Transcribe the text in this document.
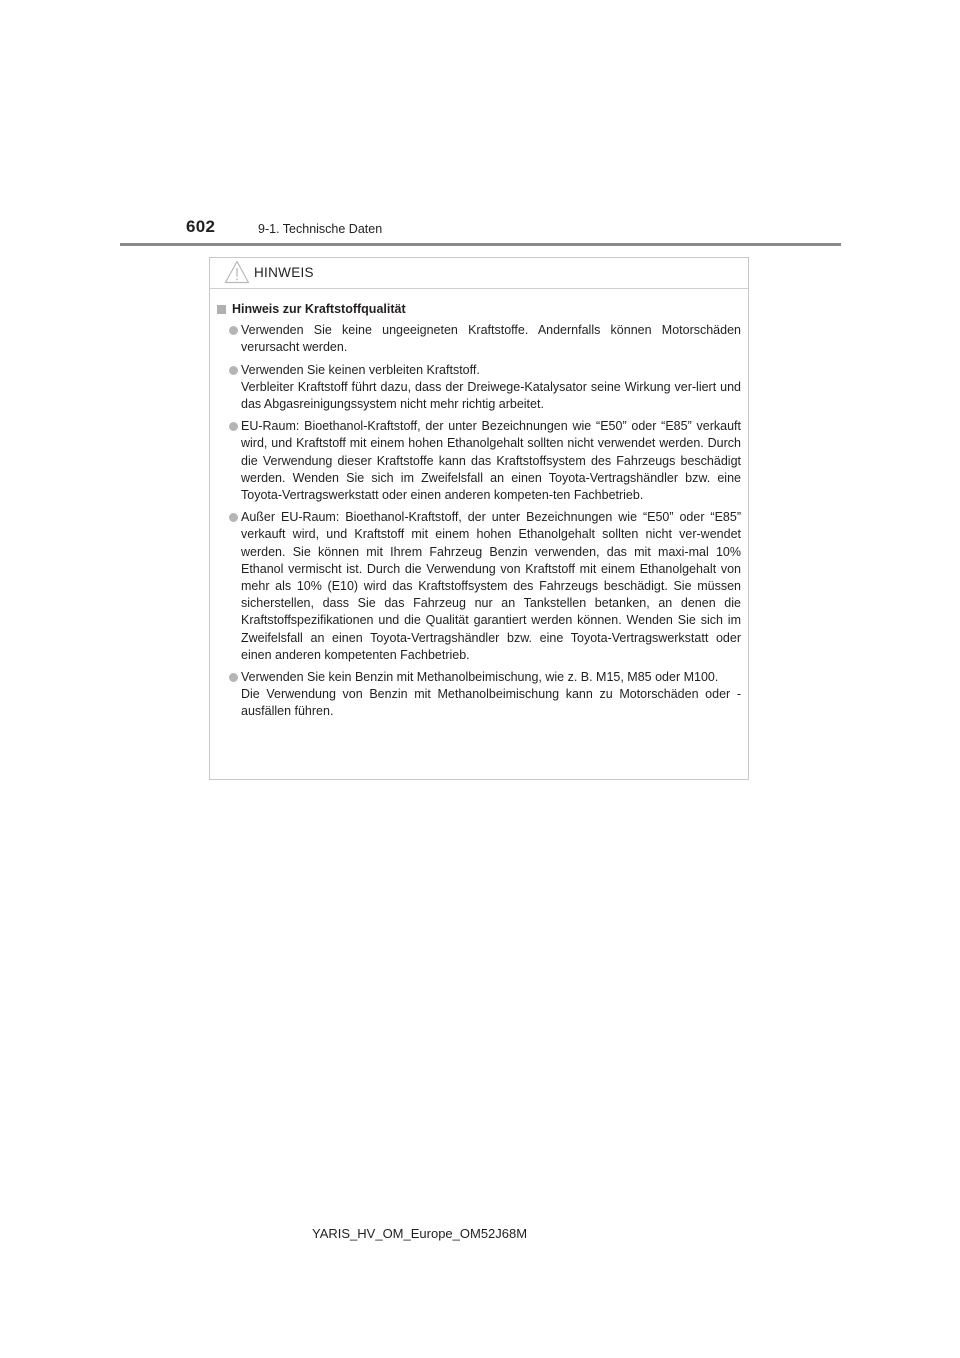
602	9-1. Technische Daten
HINWEIS
Hinweis zur Kraftstoffqualität

Verwenden Sie keine ungeeigneten Kraftstoffe. Andernfalls können Motorschäden verursacht werden.

Verwenden Sie keinen verbleiten Kraftstoff.

Verbleiter Kraftstoff führt dazu, dass der Dreiwege-Katalysator seine Wirkung ver-liert und das Abgasreinigungssystem nicht mehr richtig arbeitet.

EU-Raum: Bioethanol-Kraftstoff, der unter Bezeichnungen wie “E50” oder “E85” verkauft wird, und Kraftstoff mit einem hohen Ethanolgehalt sollten nicht verwendet werden. Durch die Verwendung dieser Kraftstoffe kann das Kraftstoffsystem des Fahrzeugs beschädigt werden. Wenden Sie sich im Zweifelsfall an einen Toyota-Vertragshändler bzw. eine Toyota-Vertragswerkstatt oder einen anderen kompeten-ten Fachbetrieb.

Außer EU-Raum: Bioethanol-Kraftstoff, der unter Bezeichnungen wie “E50” oder “E85” verkauft wird, und Kraftstoff mit einem hohen Ethanolgehalt sollten nicht ver-wendet werden. Sie können mit Ihrem Fahrzeug Benzin verwenden, das mit maxi-mal 10% Ethanol vermischt ist. Durch die Verwendung von Kraftstoff mit einem Ethanolgehalt von mehr als 10% (E10) wird das Kraftstoffsystem des Fahrzeugs beschädigt. Sie müssen sicherstellen, dass Sie das Fahrzeug nur an Tankstellen betanken, an denen die Kraftstoffspezifikationen und die Qualität garantiert werden können. Wenden Sie sich im Zweifelsfall an einen Toyota-Vertragshändler bzw. eine Toyota-Vertragswerkstatt oder einen anderen kompetenten Fachbetrieb.

Verwenden Sie kein Benzin mit Methanolbeimischung, wie z. B. M15, M85 oder M100.

Die Verwendung von Benzin mit Methanolbeimischung kann zu Motorschäden oder -ausfällen führen.

YARIS_HV_OM_Europe_OM52J68M
